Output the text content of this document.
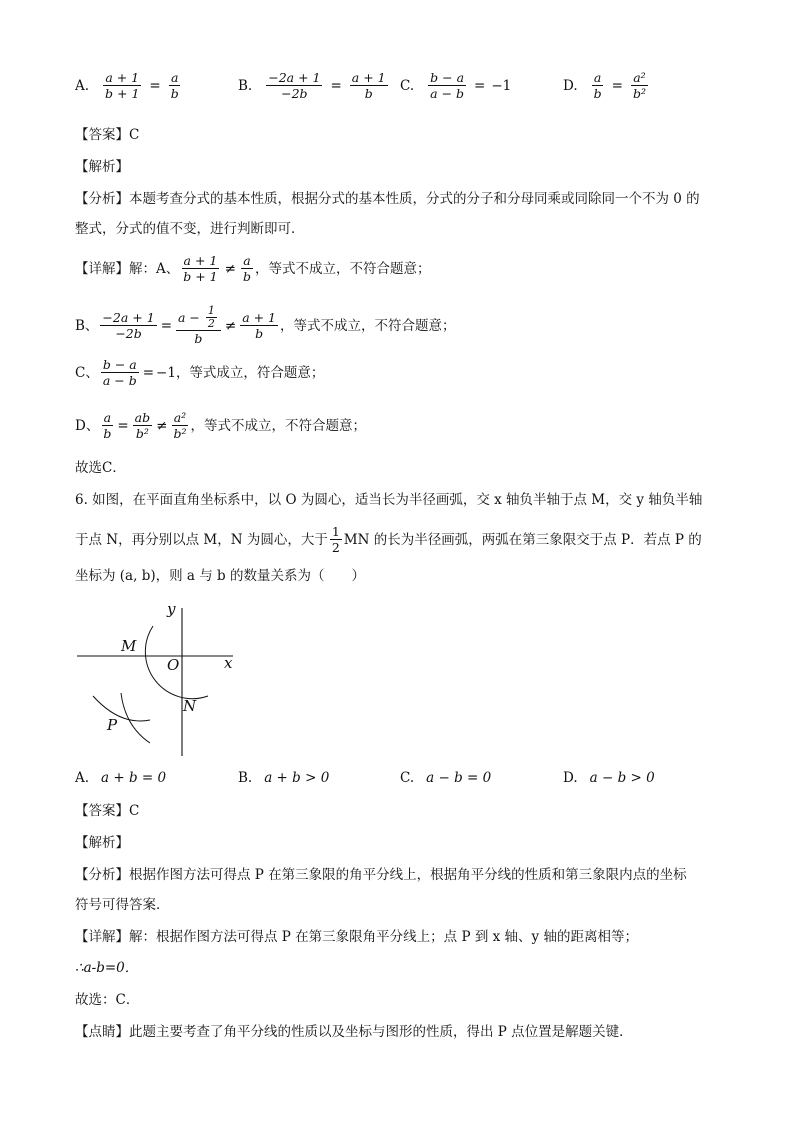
A. $\frac{a + 1}{b + 1} = \frac{a}{b}$	B. $\frac{-2a + 1}{-2b} = \frac{a + 1}{b} C$. $\frac{b - a}{a - b} = -1$	D. $\frac{a}{b} = \frac{\text{a²}}{\text{b²}}$
【答案】C
【解析】
【分析】本题考查分式的基本性质，根据分式的基本性质，分式的分子和分母同乘或同除同一个不为 0 的
整式，分式的值不变，进行判断即可．
【详解】解：A、 $\frac{a + 1}{b + 1} \ne \frac{a}{b}$ ，等式不成立，不符合题意；
B、 $\frac{-2a + 1}{-2b} = \frac{a - \frac{1}{2}}{b} \ne \frac{a + 1}{b}$ ，等式不成立，不符合题意；
C、 $\frac{b - a}{a - b} = -1$ ，等式成立，符合题意；
D、 $\frac{a}{b} = \frac{ab}{\text{b²}} \ne \frac{\text{a²}}{\text{b²}}$ ，等式不成立，不符合题意；
故选C．
6. 如图，在平面直角坐标系中，以 O 为圆心，适当长为半径画弧，交 x 轴负半轴于点 M，交 y 轴负半轴
于点 N，再分别以点 M，N 为圆心，大于 $\frac{1}{2}$ MN 的长为半径画弧，两弧在第三象限交于点 P．若点 P 的
坐标为 (a, b)，则 a 与 b 的数量关系为（　　）
y
x
O
M
N
P
A. a + b = 0	B. a + b > 0	C. a − b = 0	D. a − b > 0
【答案】C
【解析】
【分析】根据作图方法可得点 P 在第三象限的角平分线上，根据角平分线的性质和第三象限内点的坐标
符号可得答案．
【详解】解：根据作图方法可得点 P 在第三象限角平分线上；点 P 到 x 轴、y 轴的距离相等；
∴a-b=0．
故选：C．
【点睛】此题主要考查了角平分线的性质以及坐标与图形的性质，得出 P 点位置是解题关键．
